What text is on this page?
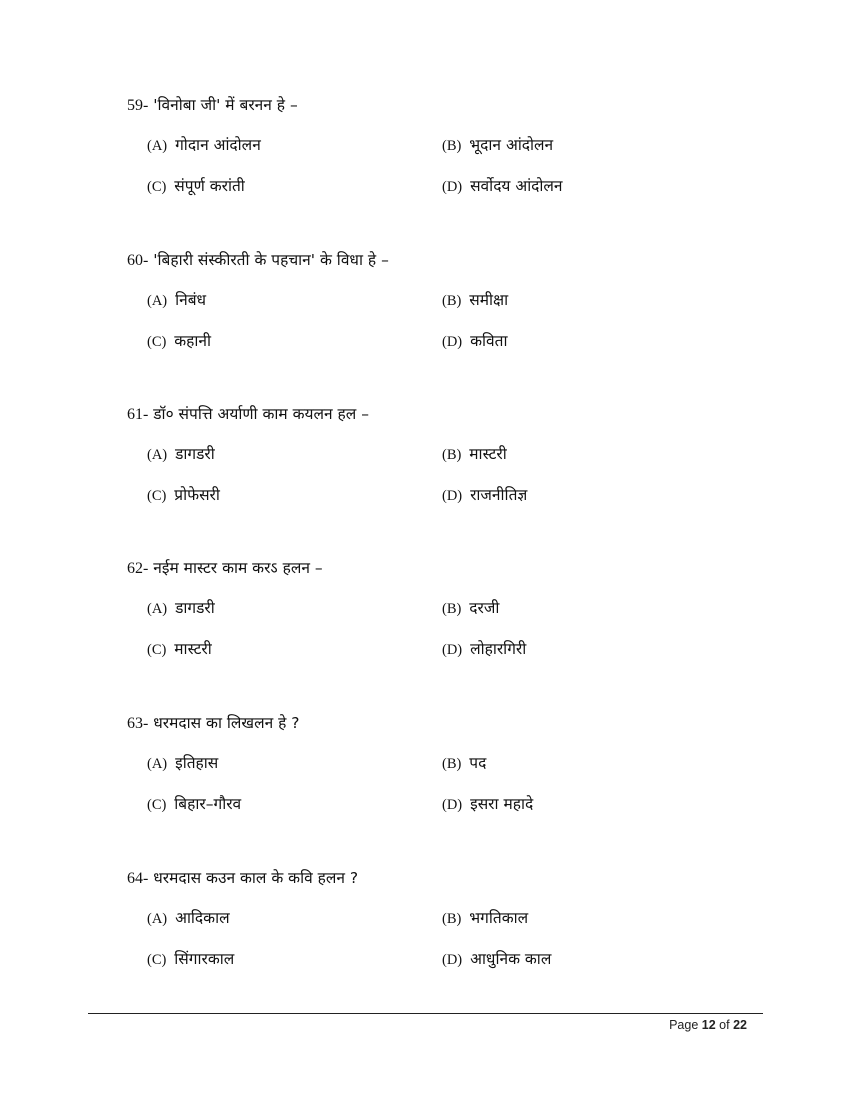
59- 'विनोबा जी' में बरनन हे –
(A) गोदान आंदोलन	(B) भूदान आंदोलन
(C) संपूर्ण करांती	(D) सर्वोदय आंदोलन
60- 'बिहारी संस्कीरती के पहचान' के विधा हे –
(A) निबंध	(B) समीक्षा
(C) कहानी	(D) कविता
61- डॉ० संपत्ति अर्याणी काम कयलन हल –
(A) डागडरी	(B) मास्टरी
(C) प्रोफेसरी	(D) राजनीतिज्ञ
62- नईम मास्टर काम करऽ हलन –
(A) डागडरी	(B) दरजी
(C) मास्टरी	(D) लोहारगिरी
63- धरमदास का लिखलन हे ?
(A) इतिहास	(B) पद
(C) बिहार–गौरव	(D) इसरा महादे
64- धरमदास कउन काल के कवि हलन ?
(A) आदिकाल	(B) भगतिकाल
(C) सिंगारकाल	(D) आधुनिक काल
Page 12 of 22
